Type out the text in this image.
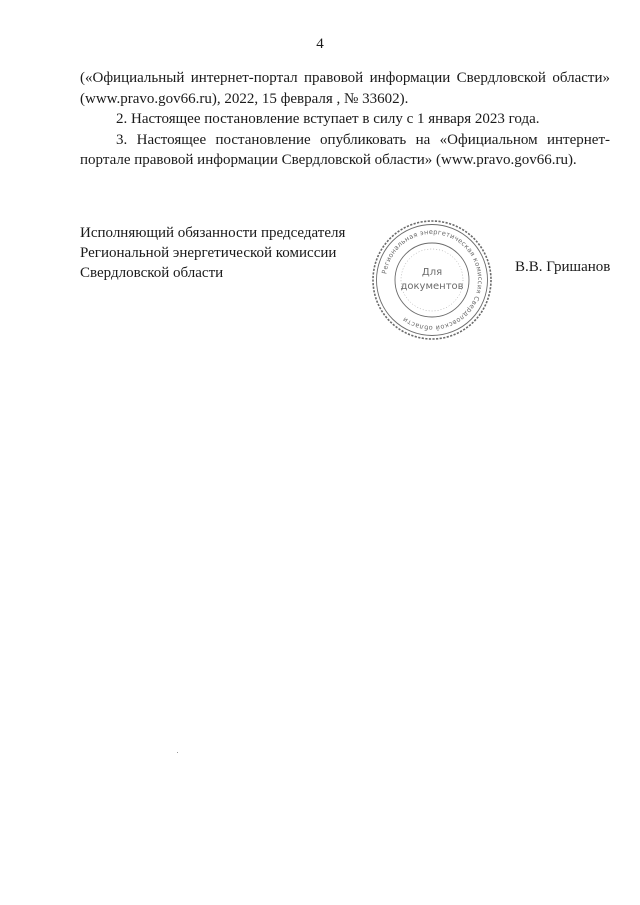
4

(«Официальный интернет-портал правовой информации Свердловской области» (www.pravo.gov66.ru), 2022, 15 февраля , № 33602).

2. Настоящее постановление вступает в силу с 1 января 2023 года.

3. Настоящее постановление опубликовать на «Официальном интернет-портале правовой информации Свердловской области» (www.pravo.gov66.ru).

Исполняющий обязанности председателя
Региональной энергетической комиссии
Свердловской области	В.В. Гришанов
Региональная энергетическая комиссия Свердловской области
Для
документов
